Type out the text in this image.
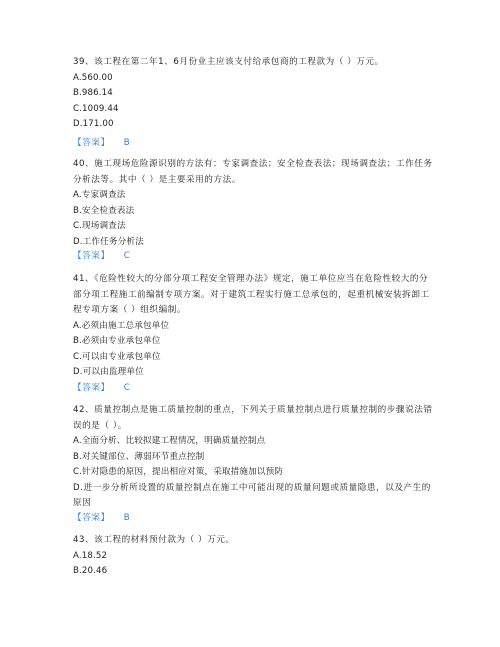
39、该工程在第二年1、6月份业主应该支付给承包商的工程款为（ ）万元。
A.560.00
B.986.14
C.1009.44
D.171.00
【答案】 B
40、施工现场危险源识别的方法有：专家调查法；安全检查表法；现场调查法；工作任务
分析法等。其中（ ）是主要采用的方法。
A.专家调查法
B.安全检查表法
C.现场调查法
D.工作任务分析法
【答案】 C
41、《危险性较大的分部分项工程安全管理办法》规定，施工单位应当在危险性较大的分
部分项工程施工前编制专项方案。对于建筑工程实行施工总承包的，起重机械安装拆卸工
程专项方案（ ）组织编制。
A.必须由施工总承包单位
B.必须由专业承包单位
C.可以由专业承包单位
D.可以由监理单位
【答案】 C
42、质量控制点是施工质量控制的重点，下列关于质量控制点进行质量控制的步骤说法错
误的是（ ）。
A.全面分析、比较拟建工程情况，明确质量控制点
B.对关键部位、薄弱环节重点控制
C.针对隐患的原因，提出相应对策，采取措施加以预防
D.进一步分析所设置的质量控制点在施工中可能出现的质量问题或质量隐患，以及产生的
原因
【答案】 B
43、该工程的材料预付款为（ ）万元。
A.18.52
B.20.46
